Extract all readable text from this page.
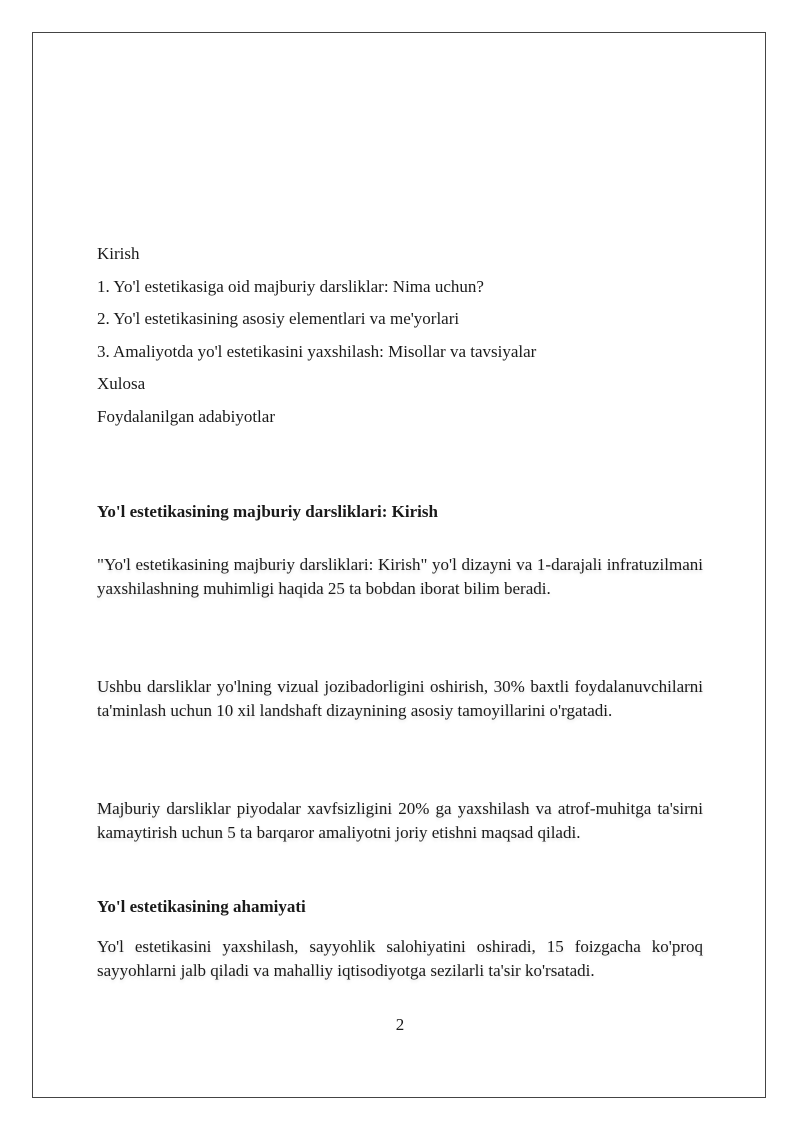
Kirish
1. Yo'l estetikasiga oid majburiy darsliklar: Nima uchun?
2. Yo'l estetikasining asosiy elementlari va me'yorlari
3. Amaliyotda yo'l estetikasini yaxshilash: Misollar va tavsiyalar
Xulosa
Foydalanilgan adabiyotlar
Yo'l estetikasining majburiy darsliklari: Kirish

"Yo'l estetikasining majburiy darsliklari: Kirish" yo'l dizayni va 1-darajali infratuzilmani yaxshilashning muhimligi haqida 25 ta bobdan iborat bilim beradi.

Ushbu darsliklar yo'lning vizual jozibadorligini oshirish, 30% baxtli foydalanuvchilarni ta'minlash uchun 10 xil landshaft dizaynining asosiy tamoyillarini o'rgatadi.

Majburiy darsliklar piyodalar xavfsizligini 20% ga yaxshilash va atrof-muhitga ta'sirni kamaytirish uchun 5 ta barqaror amaliyotni joriy etishni maqsad qiladi.

Yo'l estetikasining ahamiyati

Yo'l estetikasini yaxshilash, sayyohlik salohiyatini oshiradi, 15 foizgacha ko'proq sayyohlarni jalb qiladi va mahalliy iqtisodiyotga sezilarli ta'sir ko'rsatadi.

2
